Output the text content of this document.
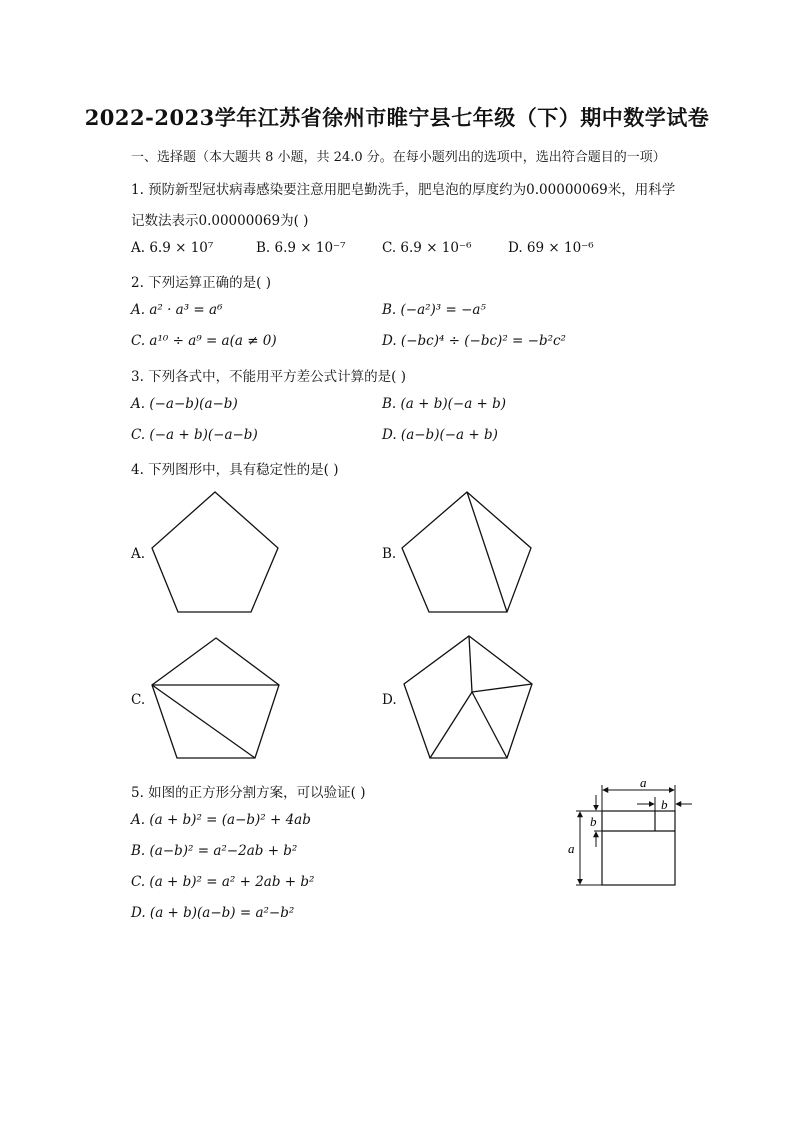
2022-2023学年江苏省徐州市睢宁县七年级（下）期中数学试卷
一、选择题（本大题共 8 小题，共 24.0 分。在每小题列出的选项中，选出符合题目的一项）
1. 预防新型冠状病毒感染要注意用肥皂勤洗手，肥皂泡的厚度约为0.00000069米，用科学
记数法表示0.00000069为( )
A. 6.9 × 10⁷	B. 6.9 × 10⁻⁷	C. 6.9 × 10⁻⁶	D. 69 × 10⁻⁶
2. 下列运算正确的是( )
A. a² · a³ = a⁶	B. (−a²)³ = −a⁵
C. a¹⁰ ÷ a⁹ = a(a ≠ 0)	D. (−bc)⁴ ÷ (−bc)² = −b²c²
3. 下列各式中，不能用平方差公式计算的是( )
A. (−a−b)(a−b)	B. (a + b)(−a + b)
C. (−a + b)(−a−b)	D. (a−b)(−a + b)
4. 下列图形中，具有稳定性的是( )
A.	B.
C.	D.
5. 如图的正方形分割方案，可以验证( )
A. (a + b)² = (a−b)² + 4ab
B. (a−b)² = a²−2ab + b²
C. (a + b)² = a² + 2ab + b²
D. (a + b)(a−b) = a²−b²
a
b
a
b
